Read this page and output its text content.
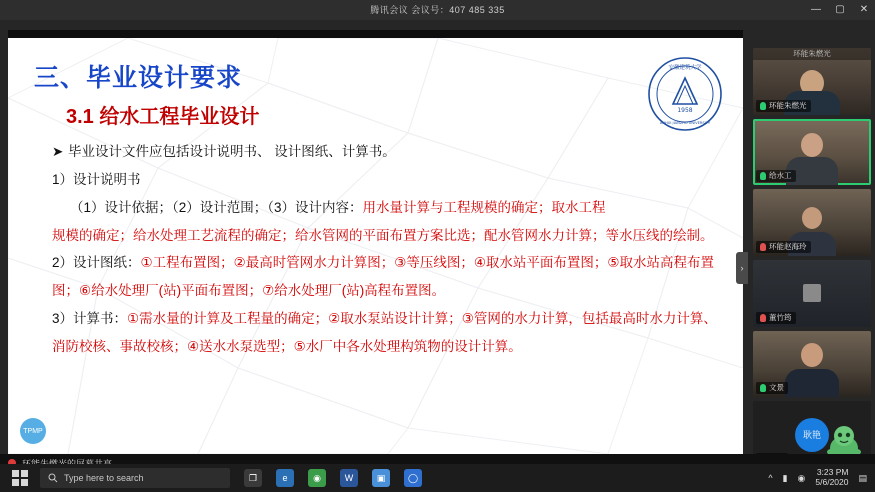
腾讯会议 会议号：407 485 335	— ▢ ✕
1958
安徽建筑大学
ANHUI JIANZHU UNIVERSITY
三、毕业设计要求
3.1 给水工程毕业设计
➤ 毕业设计文件应包括设计说明书、 设计图纸、计算书。
1）设计说明书
（1）设计依据；（2）设计范围；（3）设计内容：用水量计算与工程规模的确定；取水工程
规模的确定；给水处理工艺流程的确定；给水管网的平面布置方案比选；配水管网水力计算；等水压线的绘制。
2）设计图纸：①工程布置图；②最高时管网水力计算图；③等压线图；④取水站平面布置图；⑤取水站高程布置
图；⑥给水处理厂(站)平面布置图；⑦给水处理厂(站)高程布置图。
3）计算书：①需水量的计算及工程量的确定；②取水泵站设计计算；③管网的水力计算，包括最高时水力计算、
消防校核、事故校核；④送水水泵选型；⑤水厂中各水处理构筑物的设计计算。
TPMP
›
环能朱燃光
环能朱燃光
给水工
环能赵海玲
董竹筠
文景
耿艳
Type here to search	❐	e	◉	W	▣	◯	^ ▮ ◉
3:23 PM
5/6/2020 ▤
